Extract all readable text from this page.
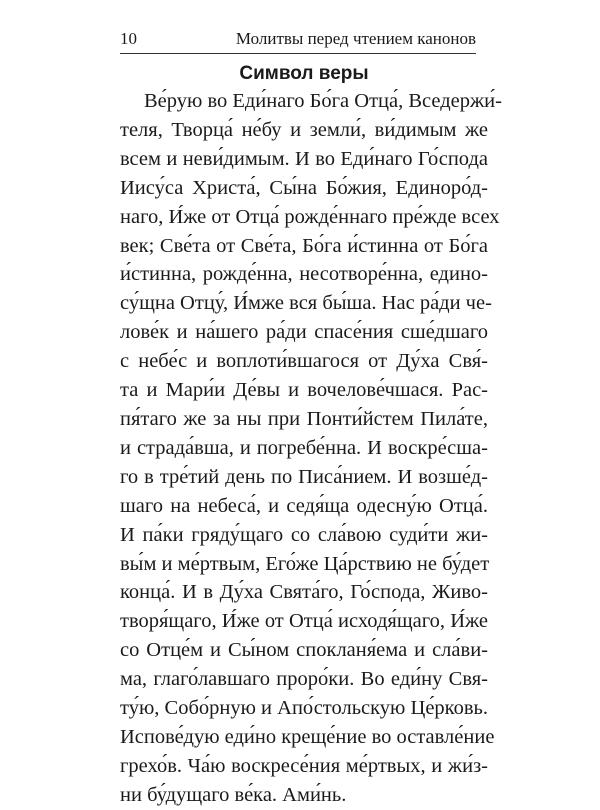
10	Молитвы перед чтением канонов
Символ веры
Ве́рую во Еди́наго Бо́га Отца́, Вседержи́-
теля, Творца́ не́бу и земли́, ви́димым же
всем и неви́димым. И во Еди́наго Го́спода
Иису́са Христа́, Сы́на Бо́жия, Единоро́д-
наго, И́же от Отца́ рожде́ннаго пре́жде всех
век; Све́та от Све́та, Бо́га и́стинна от Бо́га
и́стинна, рожде́нна, несотворе́нна, едино-
су́щна Отцу́, И́мже вся бы́ша. Нас ра́ди че-
лове́к и на́шего ра́ди спасе́ния сше́дшаго
с небе́с и воплоти́вшагося от Ду́ха Свя́-
та и Мари́и Де́вы и вочелове́чшася. Рас-
пя́таго же за ны при Понти́йстем Пила́те,
и страда́вша, и погребе́нна. И воскре́сша-
го в тре́тий день по Писа́нием. И возше́д-
шаго на небеса́, и седя́ща одесну́ю Отца́.
И па́ки гряду́щаго со сла́вою суди́ти жи-
вы́м и ме́ртвым, Его́же Ца́рствию не бу́дет
конца́. И в Ду́ха Свята́го, Го́спода, Живо-
творя́щаго, И́же от Отца́ исходя́щаго, И́же
со Отце́м и Сы́ном спокланя́ема и сла́ви-
ма, глаго́лавшаго проро́ки. Во еди́ну Свя-
ту́ю, Собо́рную и Апо́стольскую Це́рковь.
Испове́дую еди́но креще́ние во оставле́ние
грехо́в. Ча́ю воскресе́ния ме́ртвых, и жи́з-
ни бу́дущаго ве́ка. Ами́нь.
